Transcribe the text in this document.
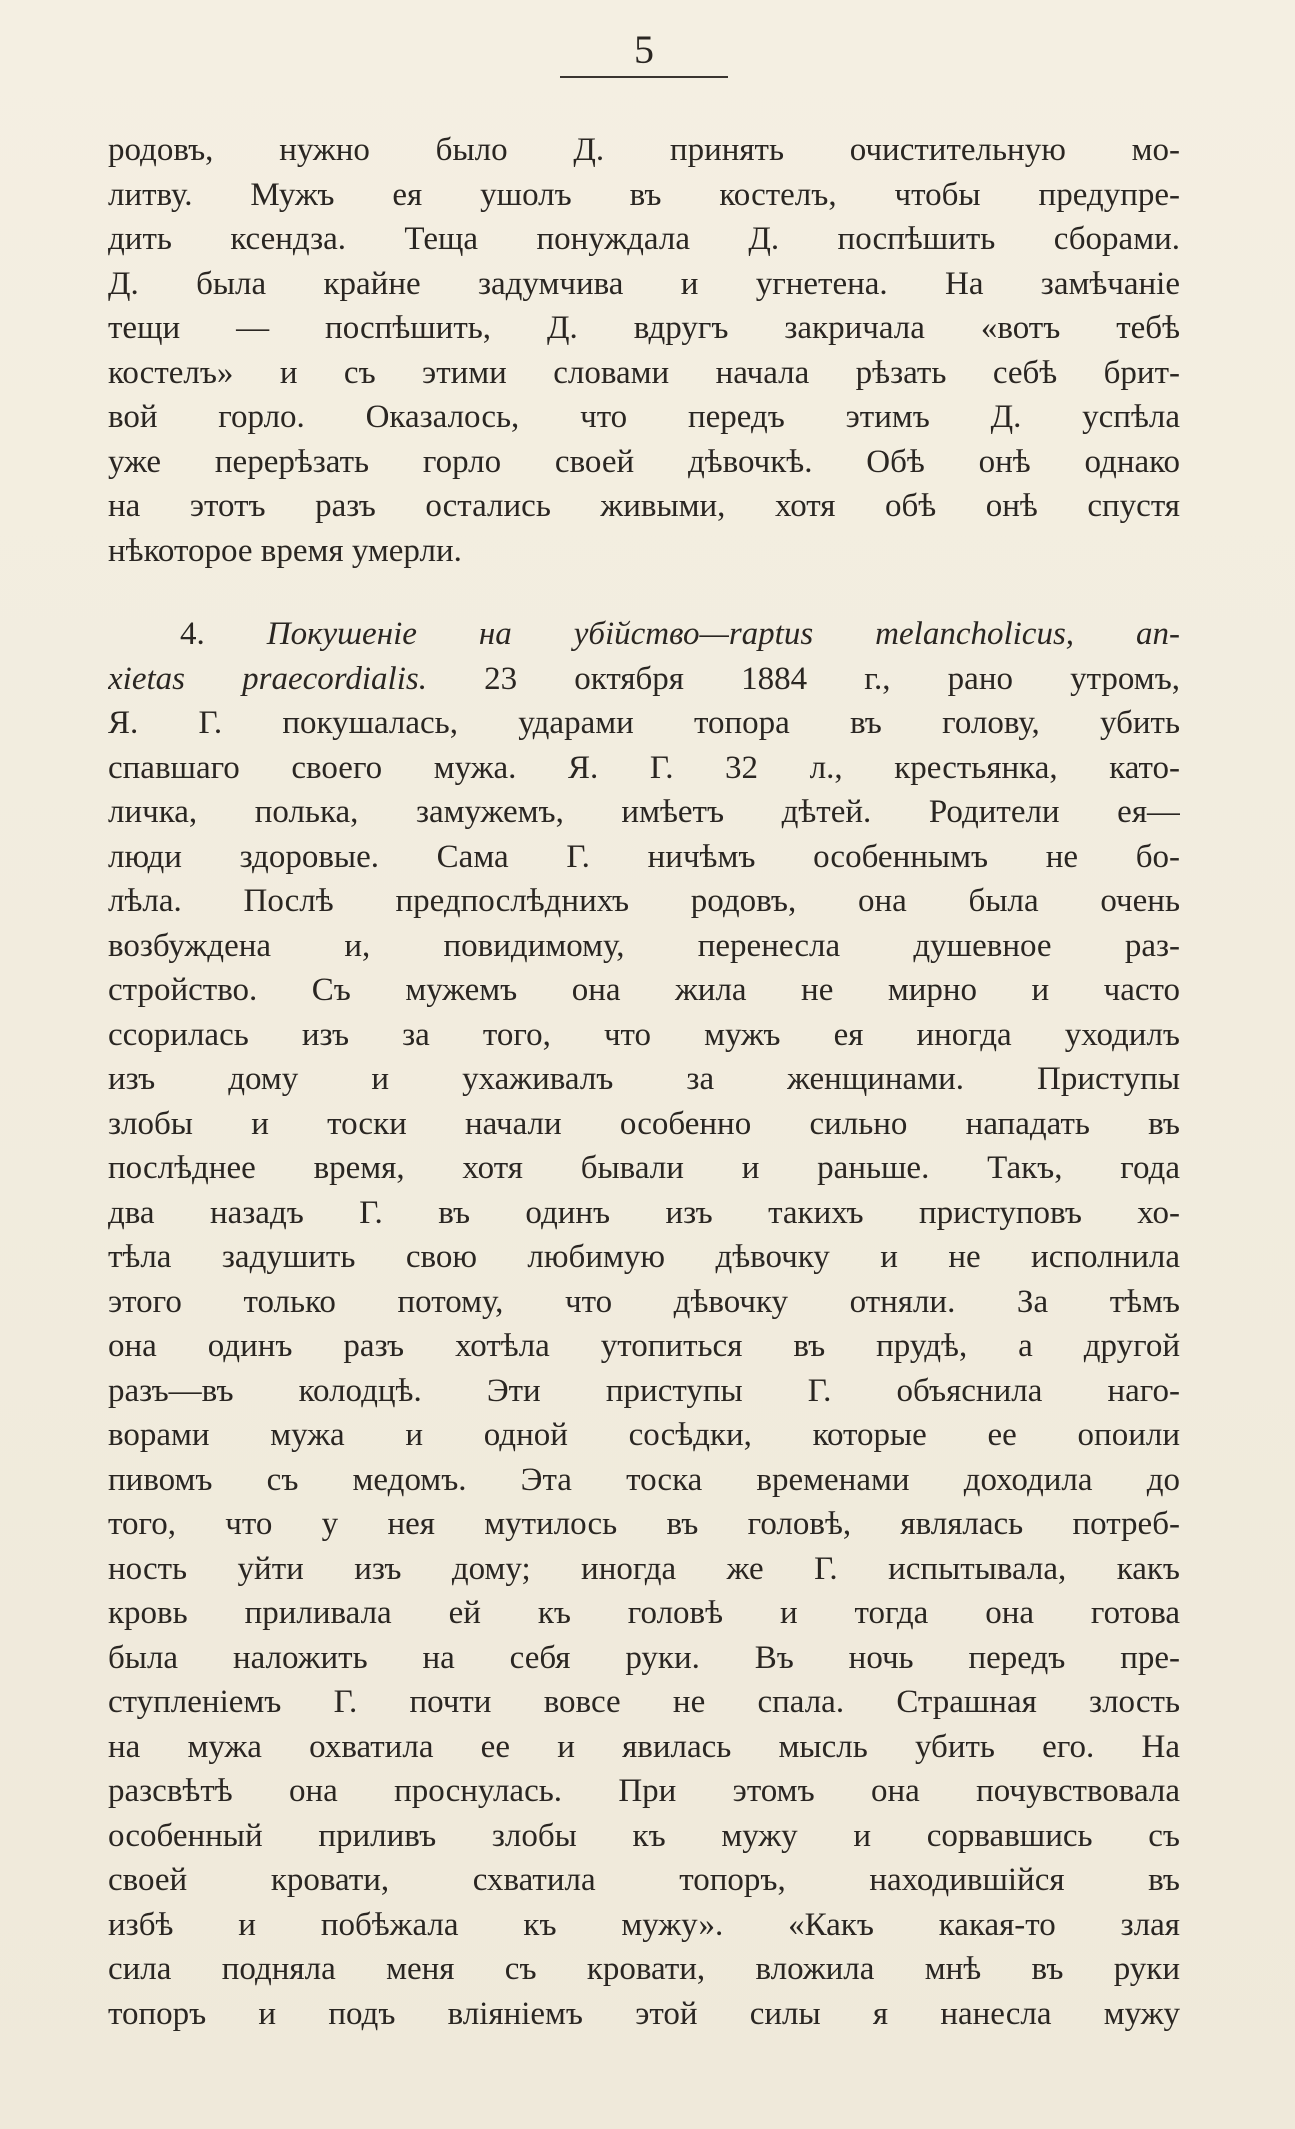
5
родовъ, нужно было Д. принять очистительную мо-
литву. Мужъ ея ушолъ въ костелъ, чтобы предупре-
дить ксендза. Теща понуждала Д. поспѣшить сборами.
Д. была крайне задумчива и угнетена. На замѣчаніе
тещи — поспѣшить, Д. вдругъ закричала «вотъ тебѣ
костелъ» и съ этими словами начала рѣзать себѣ брит-
вой горло. Оказалось, что передъ этимъ Д. успѣла
уже перерѣзать горло своей дѣвочкѣ. Обѣ онѣ однако
на этотъ разъ остались живыми, хотя обѣ онѣ спустя
нѣкоторое время умерли.
4. Покушеніе на убійство—raptus melancholicus, an-
xietas praecordialis. 23 октября 1884 г., рано утромъ,
Я. Г. покушалась, ударами топора въ голову, убить
спавшаго своего мужа. Я. Г. 32 л., крестьянка, като-
личка, полька, замужемъ, имѣетъ дѣтей. Родители ея—
люди здоровые. Сама Г. ничѣмъ особеннымъ не бо-
лѣла. Послѣ предпослѣднихъ родовъ, она была очень
возбуждена и, повидимому, перенесла душевное раз-
стройство. Съ мужемъ она жила не мирно и часто
ссорилась изъ за того, что мужъ ея иногда уходилъ
изъ дому и ухаживалъ за женщинами. Приступы
злобы и тоски начали особенно сильно нападать въ
послѣднее время, хотя бывали и раньше. Такъ, года
два назадъ Г. въ одинъ изъ такихъ приступовъ хо-
тѣла задушить свою любимую дѣвочку и не исполнила
этого только потому, что дѣвочку отняли. За тѣмъ
она одинъ разъ хотѣла утопиться въ прудѣ, а другой
разъ—въ колодцѣ. Эти приступы Г. объяснила наго-
ворами мужа и одной сосѣдки, которые ее опоили
пивомъ съ медомъ. Эта тоска временами доходила до
того, что у нея мутилось въ головѣ, являлась потреб-
ность уйти изъ дому; иногда же Г. испытывала, какъ
кровь приливала ей къ головѣ и тогда она готова
была наложить на себя руки. Въ ночь передъ пре-
ступленіемъ Г. почти вовсе не спала. Страшная злость
на мужа охватила ее и явилась мысль убить его. На
разсвѣтѣ она проснулась. При этомъ она почувствовала
особенный приливъ злобы къ мужу и сорвавшись съ
своей кровати, схватила топоръ, находившійся въ
избѣ и побѣжала къ мужу». «Какъ какая-то злая
сила подняла меня съ кровати, вложила мнѣ въ руки
топоръ и подъ вліяніемъ этой силы я нанесла мужу
